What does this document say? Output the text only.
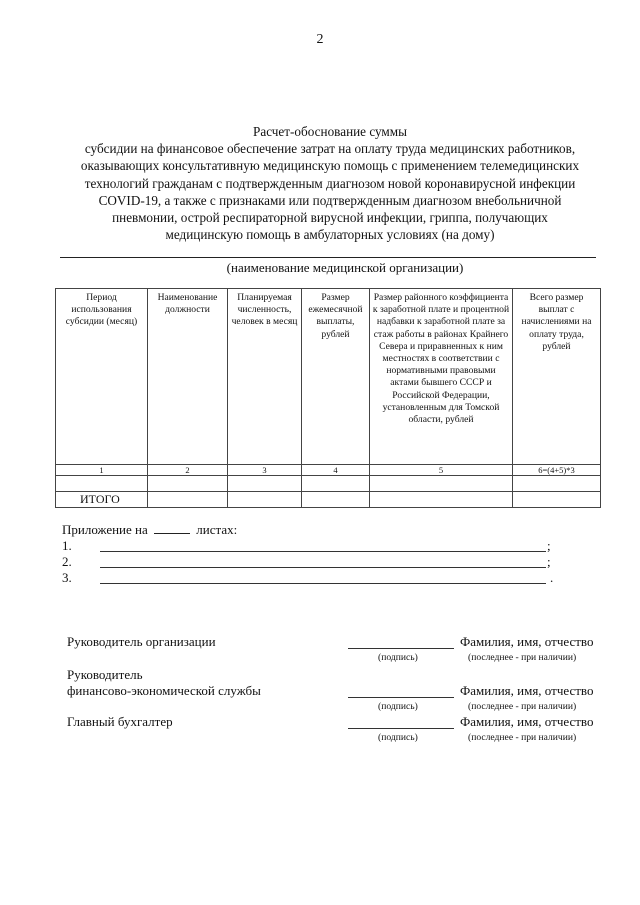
2
Расчет-обоснование суммы
субсидии на финансовое обеспечение затрат на оплату труда медицинских работников,
оказывающих консультативную медицинскую помощь с применением телемедицинских
технологий гражданам с подтвержденным диагнозом новой коронавирусной инфекции
COVID-19, а также с признаками или подтвержденным диагнозом внебольничной
пневмонии, острой респираторной вирусной инфекции, гриппа, получающих
медицинскую помощь в амбулаторных условиях (на дому)
(наименование медицинской организации)
Период использования субсидии (месяц)	Наименование должности	Планируемая численность, человек в месяц	Размер ежемесячной выплаты, рублей	Размер районного коэффициента к заработной плате и процентной надбавки к заработной плате за стаж работы в районах Крайнего Севера и приравненных к ним местностях в соответствии с нормативными правовыми актами бывшего СССР и Российской Федерации, установленным для Томской области, рублей	Всего размер выплат с начислениями на оплату труда, рублей
1	2	3	4	5	6=(4+5)*3

ИТОГО					
Приложение на	листах:
1.	;
2.	;
3.	.
Руководитель организации	Фамилия, имя, отчество
(подпись)	(последнее - при наличии)
Руководитель
финансово-экономической службы	Фамилия, имя, отчество
(подпись)	(последнее - при наличии)
Главный бухгалтер	Фамилия, имя, отчество
(подпись)	(последнее - при наличии)
